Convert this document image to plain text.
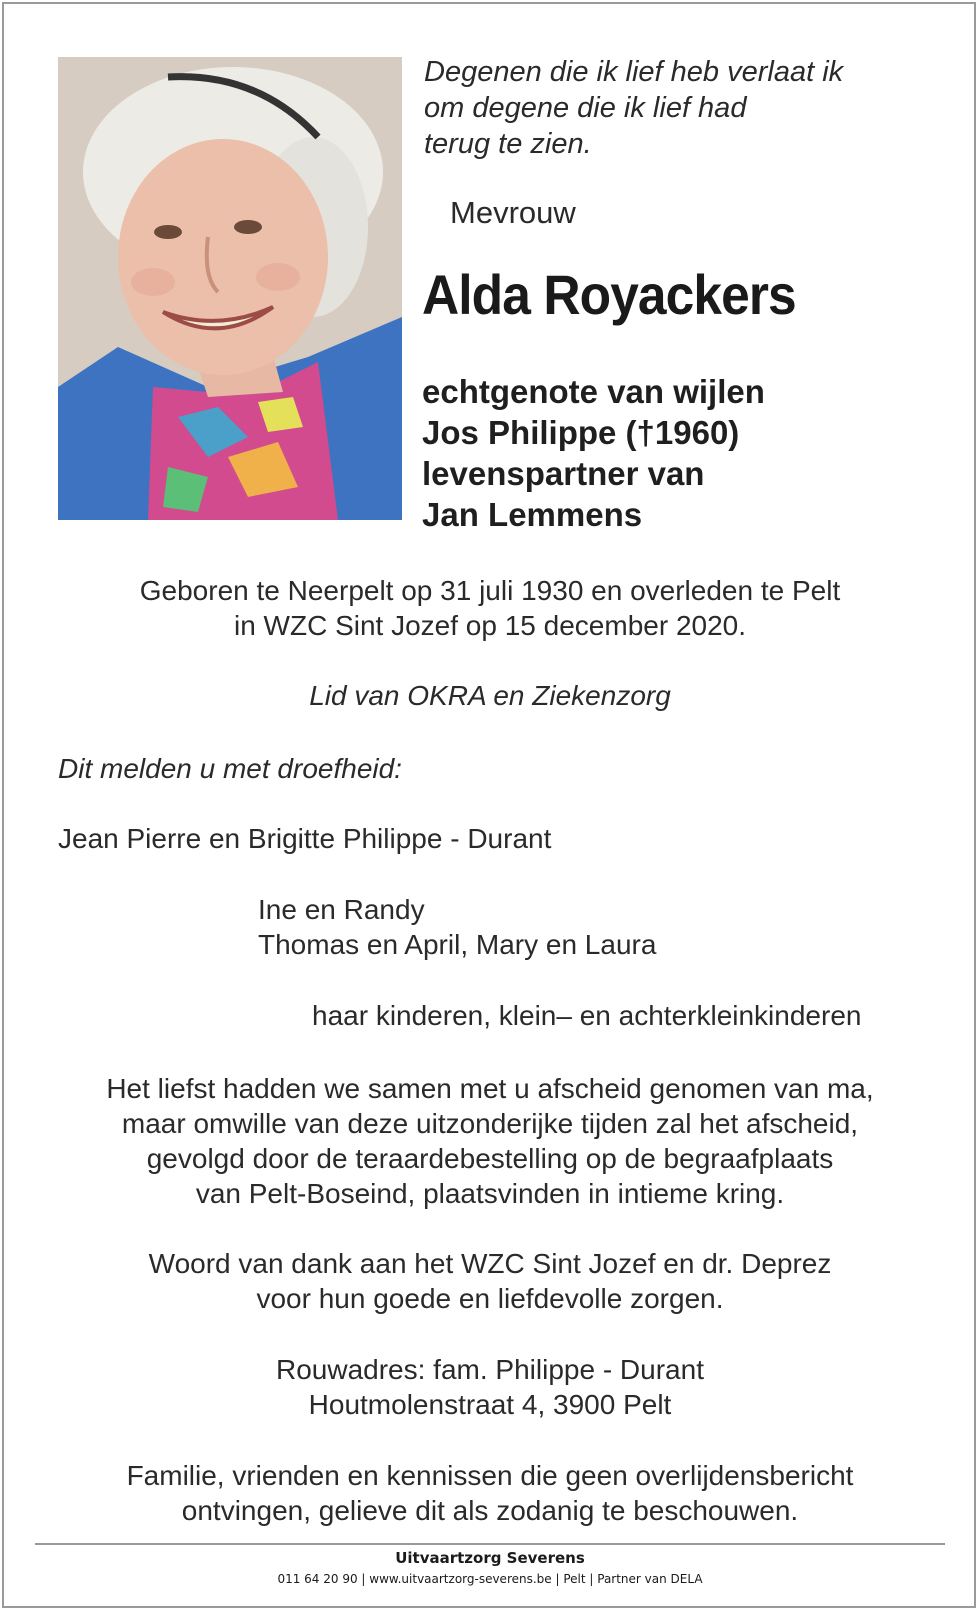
Degenen die ik lief heb verlaat ik
om degene die ik lief had
terug te zien.
Mevrouw
Alda Royackers
echtgenote van wijlen
Jos Philippe (†1960)
levenspartner van
Jan Lemmens
Geboren te Neerpelt op 31 juli 1930 en overleden te Pelt
in WZC Sint Jozef op 15 december 2020.
Lid van OKRA en Ziekenzorg
Dit melden u met droefheid:
Jean Pierre en Brigitte Philippe - Durant
Ine en Randy
Thomas en April, Mary en Laura
haar kinderen, klein– en achterkleinkinderen
Het liefst hadden we samen met u afscheid genomen van ma,
maar omwille van deze uitzonderijke tijden zal het afscheid,
gevolgd door de teraardebestelling op de begraafplaats
van Pelt-Boseind, plaatsvinden in intieme kring.
Woord van dank aan het WZC Sint Jozef en dr. Deprez
voor hun goede en liefdevolle zorgen.
Rouwadres: fam. Philippe - Durant
Houtmolenstraat 4, 3900 Pelt
Familie, vrienden en kennissen die geen overlijdensbericht
ontvingen, gelieve dit als zodanig te beschouwen.
Uitvaartzorg Severens
011 64 20 90 | www.uitvaartzorg-severens.be | Pelt | Partner van DELA
